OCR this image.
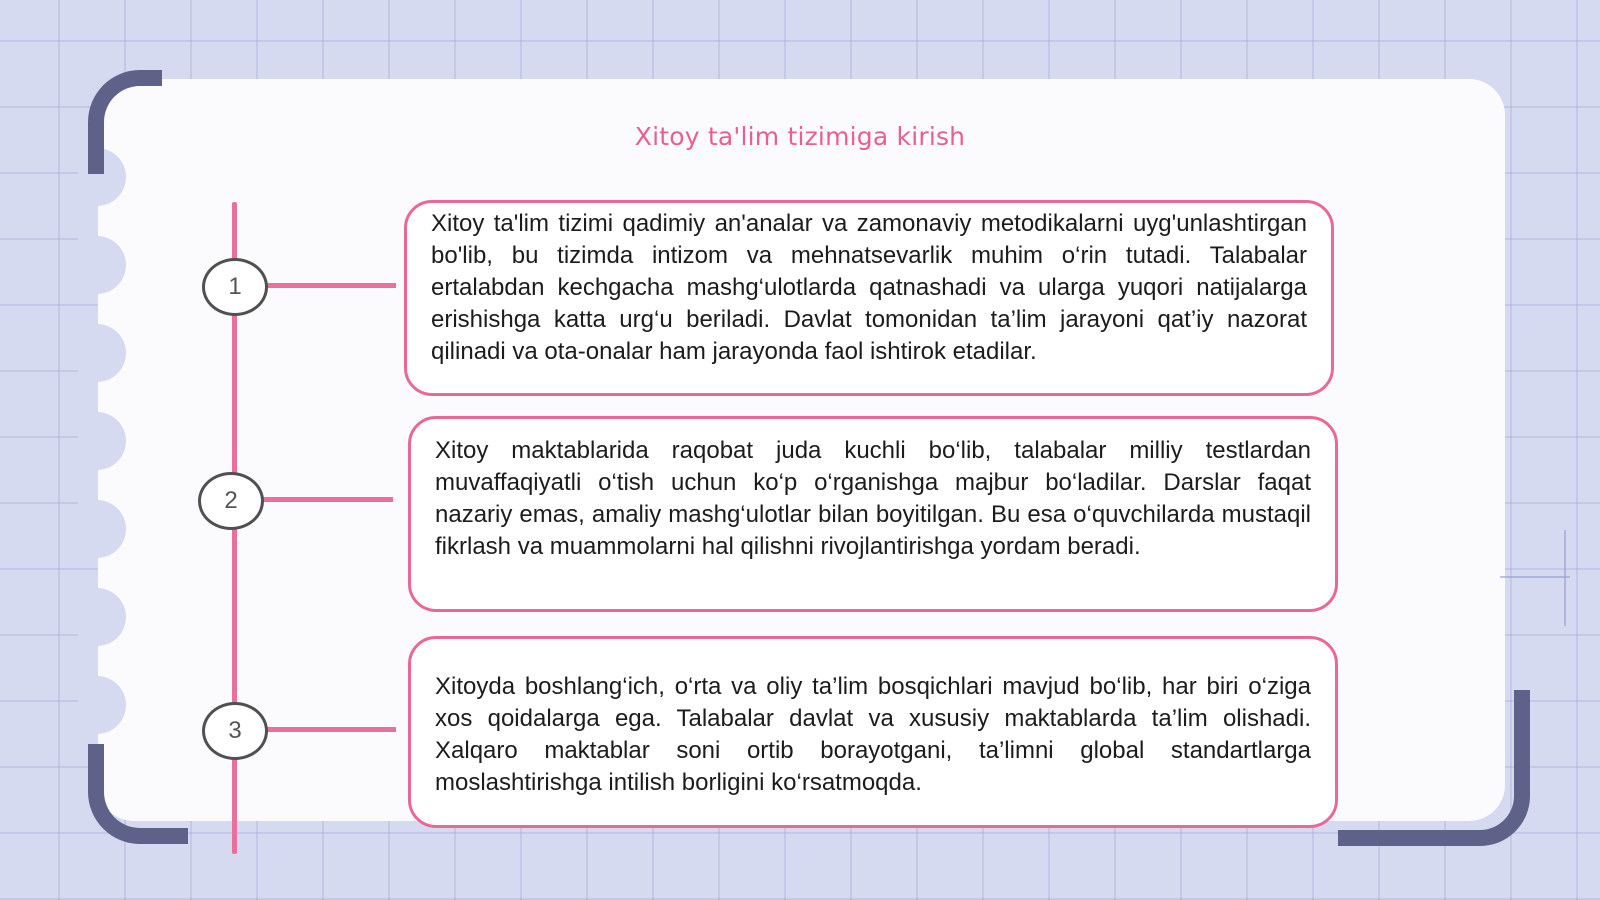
Xitoy ta'lim tizimiga kirish
1

Xitoy ta'lim tizimi qadimiy an'analar va zamonaviy metodikalarni uyg'unlashtirgan bo'lib, bu tizimda intizom va mehnatsevarlik muhim o‘rin tutadi. Talabalar ertalabdan kechgacha mashg‘ulotlarda qatnashadi va ularga yuqori natijalarga erishishga katta urg‘u beriladi. Davlat tomonidan ta’lim jarayoni qat’iy nazorat qilinadi va ota-onalar ham jarayonda faol ishtirok etadilar.

2

Xitoy maktablarida raqobat juda kuchli bo‘lib, talabalar milliy testlardan muvaffaqiyatli o‘tish uchun ko‘p o‘rganishga majbur bo‘ladilar. Darslar faqat nazariy emas, amaliy mashg‘ulotlar bilan boyitilgan. Bu esa o‘quvchilarda mustaqil fikrlash va muammolarni hal qilishni rivojlantirishga yordam beradi.

3

Xitoyda boshlang‘ich, o‘rta va oliy ta’lim bosqichlari mavjud bo‘lib, har biri o‘ziga xos qoidalarga ega. Talabalar davlat va xususiy maktablarda ta’lim olishadi. Xalqaro maktablar soni ortib borayotgani, ta’limni global standartlarga moslashtirishga intilish borligini ko‘rsatmoqda.
